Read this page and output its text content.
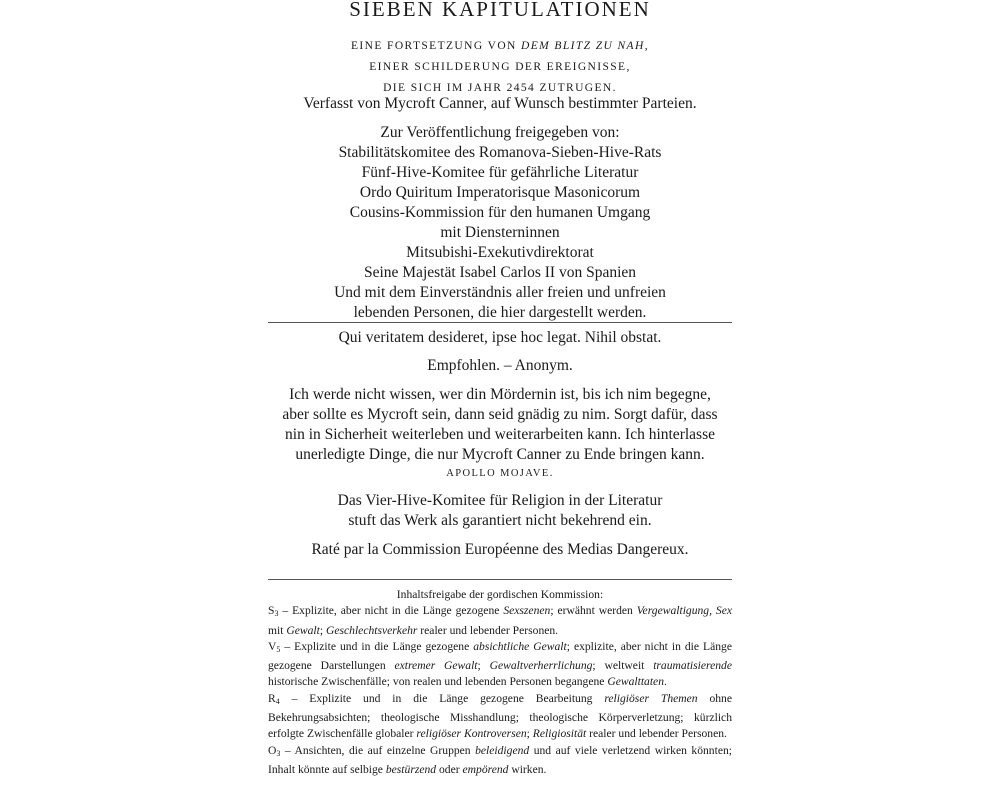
SIEBEN KAPITULATIONEN
EINE FORTSETZUNG VON DEM BLITZ ZU NAH,
EINER SCHILDERUNG DER EREIGNISSE,
DIE SICH IM JAHR 2454 ZUTRUGEN.

Verfasst von Mycroft Canner, auf Wunsch bestimmter Parteien.

Zur Veröffentlichung freigegeben von:

Stabilitätskomitee des Romanova-Sieben-Hive-Rats

Fünf-Hive-Komitee für gefährliche Literatur

Ordo Quiritum Imperatorisque Masonicorum

Cousins-Kommission für den humanen Umgang

mit Diensterninnen

Mitsubishi-Exekutivdirektorat

Seine Majestät Isabel Carlos II von Spanien

Und mit dem Einverständnis aller freien und unfreien

lebenden Personen, die hier dargestellt werden.

Qui veritatem desideret, ipse hoc legat. Nihil obstat.

Empfohlen. – Anonym.

Ich werde nicht wissen, wer din Mördernin ist, bis ich nim begegne,

aber sollte es Mycroft sein, dann seid gnädig zu nim. Sorgt dafür, dass

nin in Sicherheit weiterleben und weiterarbeiten kann. Ich hinterlasse

unerledigte Dinge, die nur Mycroft Canner zu Ende bringen kann.

APOLLO MOJAVE.

Das Vier-Hive-Komitee für Religion in der Literatur

stuft das Werk als garantiert nicht bekehrend ein.

Raté par la Commission Européenne des Medias Dangereux.

Inhaltsfreigabe der gordischen Kommission:

$S_3$ – Explizite, aber nicht in die Länge gezogene Sexszenen; erwähnt werden Vergewaltigung, Sex mit Gewalt; Geschlechtsverkehr realer und lebender Personen.

$V_5$ – Explizite und in die Länge gezogene absichtliche Gewalt; explizite, aber nicht in die Länge gezogene Darstellungen extremer Gewalt; Gewaltverherrlichung; weltweit traumatisierende historische Zwischenfälle; von realen und lebenden Personen begangene Gewalttaten.

$R_4$ – Explizite und in die Länge gezogene Bearbeitung religiöser Themen ohne Bekehrungsabsichten; theologische Misshandlung; theologische Körperverletzung; kürzlich erfolgte Zwischenfälle globaler religiöser Kontroversen; Religiosität realer und lebender Personen.

$O_3$ – Ansichten, die auf einzelne Gruppen beleidigend und auf viele verletzend wirken könnten; Inhalt könnte auf selbige bestürzend oder empörend wirken.
